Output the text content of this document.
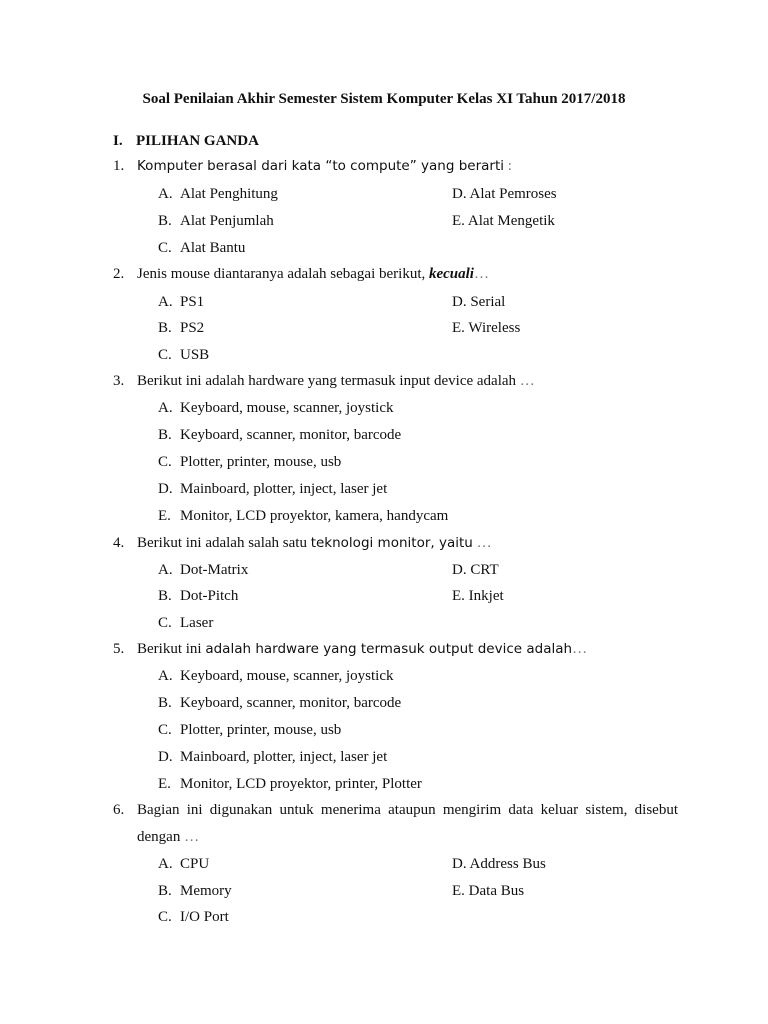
Soal Penilaian Akhir Semester Sistem Komputer Kelas XI Tahun 2017/2018
I. PILIHAN GANDA
1. Komputer berasal dari kata “to compute” yang berarti :
A. Alat Penghitung
B. Alat Penjumlah
C. Alat Bantu
D. Alat Pemroses
E. Alat Mengetik
2. Jenis mouse diantaranya adalah sebagai berikut, kecuali…
A. PS1
B. PS2
C. USB
D. Serial
E. Wireless
3. Berikut ini adalah hardware yang termasuk input device adalah …
A. Keyboard, mouse, scanner, joystick
B. Keyboard, scanner, monitor, barcode
C. Plotter, printer, mouse, usb
D. Mainboard, plotter, inject, laser jet
E. Monitor, LCD proyektor, kamera, handycam
4. Berikut ini adalah salah satu teknologi monitor, yaitu …
A. Dot-Matrix
B. Dot-Pitch
C. Laser
D. CRT
E. Inkjet
5. Berikut ini adalah hardware yang termasuk output device adalah…
A. Keyboard, mouse, scanner, joystick
B. Keyboard, scanner, monitor, barcode
C. Plotter, printer, mouse, usb
D. Mainboard, plotter, inject, laser jet
E. Monitor, LCD proyektor, printer, Plotter
6. Bagian ini digunakan untuk menerima ataupun mengirim data keluar sistem, disebut dengan …
A. CPU
B. Memory
C. I/O Port
D. Address Bus
E. Data Bus
